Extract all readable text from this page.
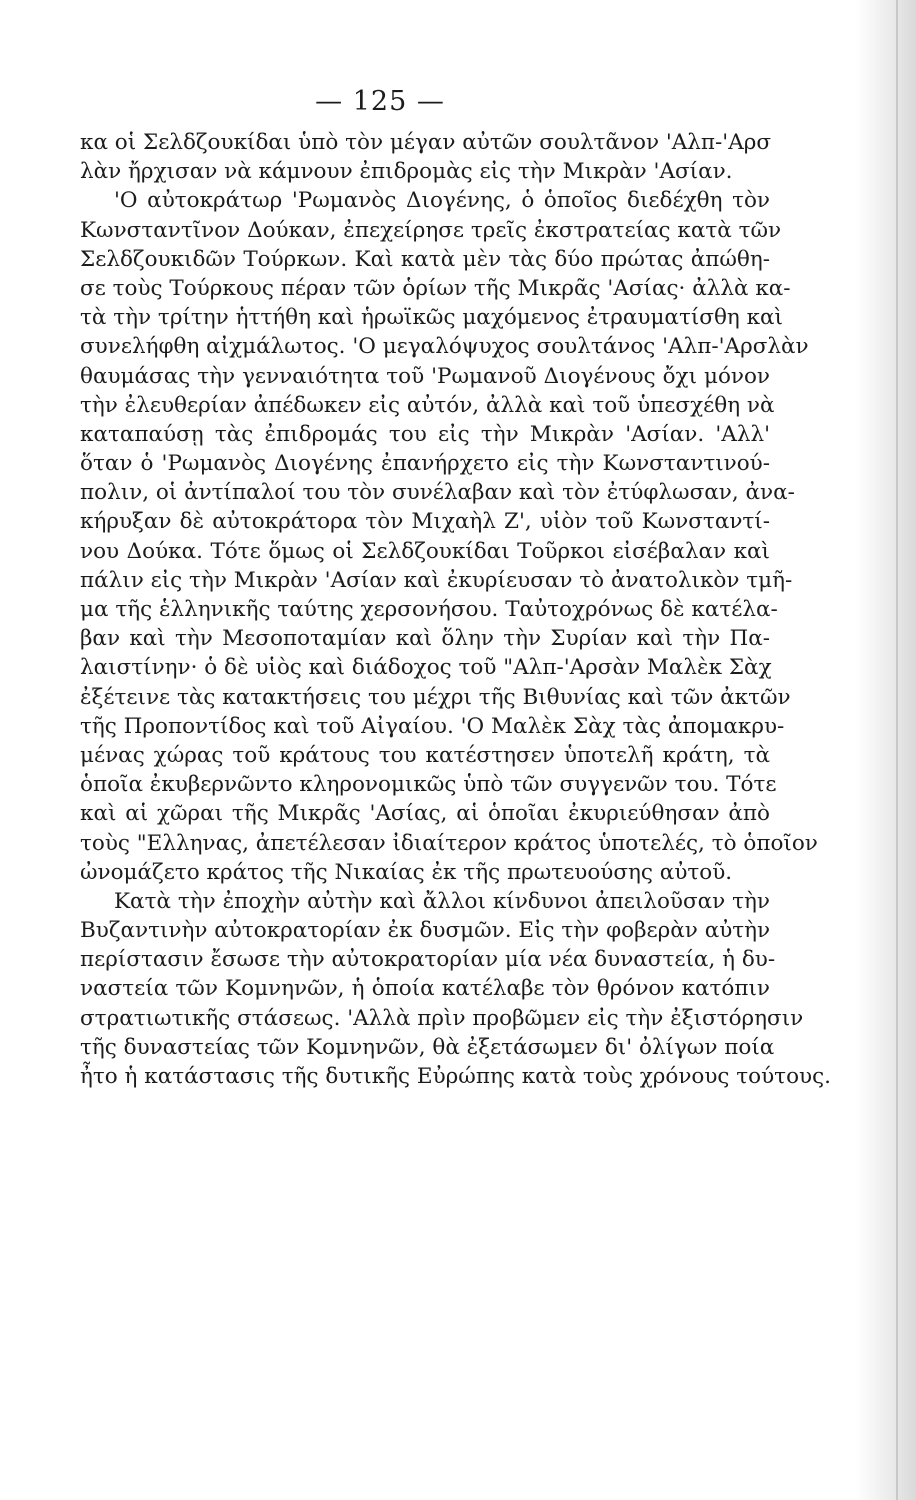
— 125 —
κα οἱ Σελδζουκίδαι ὑπὸ τὸν μέγαν αὐτῶν σουλτᾶνον 'Αλπ-'Αρσ
λὰν ἤρχισαν νὰ κάμνουν ἐπιδρομὰς εἰς τὴν Μικρὰν 'Ασίαν.
'Ο αὐτοκράτωρ 'Ρωμανὸς Διογένης, ὁ ὁποῖος διεδέχθη τὸν
Κωνσταντῖνον Δούκαν, ἐπεχείρησε τρεῖς ἐκστρατείας κατὰ τῶν
Σελδζουκιδῶν Τούρκων. Καὶ κατὰ μὲν τὰς δύο πρώτας ἀπώθη-
σε τοὺς Τούρκους πέραν τῶν ὁρίων τῆς Μικρᾶς 'Ασίας· ἀλλὰ κα-
τὰ τὴν τρίτην ἡττήθη καὶ ἡρωϊκῶς μαχόμενος ἐτραυματίσθη καὶ
συνελήφθη αἰχμάλωτος. 'Ο μεγαλόψυχος σουλτάνος 'Αλπ-'Αρσλὰν
θαυμάσας τὴν γενναιότητα τοῦ 'Ρωμανοῦ Διογένους ὄχι μόνον
τὴν ἐλευθερίαν ἀπέδωκεν εἰς αὐτόν, ἀλλὰ καὶ τοῦ ὑπεσχέθη νὰ
καταπαύσῃ τὰς ἐπιδρομάς του εἰς τὴν Μικρὰν 'Ασίαν. 'Αλλ'
ὅταν ὁ 'Ρωμανὸς Διογένης ἐπανήρχετο εἰς τὴν Κωνσταντινού-
πολιν, οἱ ἀντίπαλοί του τὸν συνέλαβαν καὶ τὸν ἐτύφλωσαν, ἀνα-
κήρυξαν δὲ αὐτοκράτορα τὸν Μιχαὴλ Ζ', υἱὸν τοῦ Κωνσταντί-
νου Δούκα. Τότε ὅμως οἱ Σελδζουκίδαι Τοῦρκοι εἰσέβαλαν καὶ
πάλιν εἰς τὴν Μικρὰν 'Ασίαν καὶ ἐκυρίευσαν τὸ ἀνατολικὸν τμῆ-
μα τῆς ἑλληνικῆς ταύτης χερσονήσου. Ταὐτοχρόνως δὲ κατέλα-
βαν καὶ τὴν Μεσοποταμίαν καὶ ὅλην τὴν Συρίαν καὶ τὴν Πα-
λαιστίνην· ὁ δὲ υἱὸς καὶ διάδοχος τοῦ "Αλπ-'Αρσὰν Μαλὲκ Σὰχ
ἐξέτεινε τὰς κατακτήσεις του μέχρι τῆς Βιθυνίας καὶ τῶν ἀκτῶν
τῆς Προποντίδος καὶ τοῦ Αἰγαίου. 'Ο Μαλὲκ Σὰχ τὰς ἀπομακρυ-
μένας χώρας τοῦ κράτους του κατέστησεν ὑποτελῆ κράτη, τὰ
ὁποῖα ἐκυβερνῶντο κληρονομικῶς ὑπὸ τῶν συγγενῶν του. Τότε
καὶ αἱ χῶραι τῆς Μικρᾶς 'Ασίας, αἱ ὁποῖαι ἐκυριεύθησαν ἀπὸ
τοὺς "Ελληνας, ἀπετέλεσαν ἰδιαίτερον κράτος ὑποτελές, τὸ ὁποῖον
ὠνομάζετο κράτος τῆς Νικαίας ἐκ τῆς πρωτευούσης αὐτοῦ.
Κατὰ τὴν ἐποχὴν αὐτὴν καὶ ἄλλοι κίνδυνοι ἀπειλοῦσαν τὴν
Βυζαντινὴν αὐτοκρατορίαν ἐκ δυσμῶν. Εἰς τὴν φοβερὰν αὐτὴν
περίστασιν ἔσωσε τὴν αὐτοκρατορίαν μία νέα δυναστεία, ἡ δυ-
ναστεία τῶν Κομνηνῶν, ἡ ὁποία κατέλαβε τὸν θρόνον κατόπιν
στρατιωτικῆς στάσεως. 'Αλλὰ πρὶν προβῶμεν εἰς τὴν ἐξιστόρησιν
τῆς δυναστείας τῶν Κομνηνῶν, θὰ ἐξετάσωμεν δι' ὀλίγων ποία
ἦτο ἡ κατάστασις τῆς δυτικῆς Εὐρώπης κατὰ τοὺς χρόνους τούτους.
